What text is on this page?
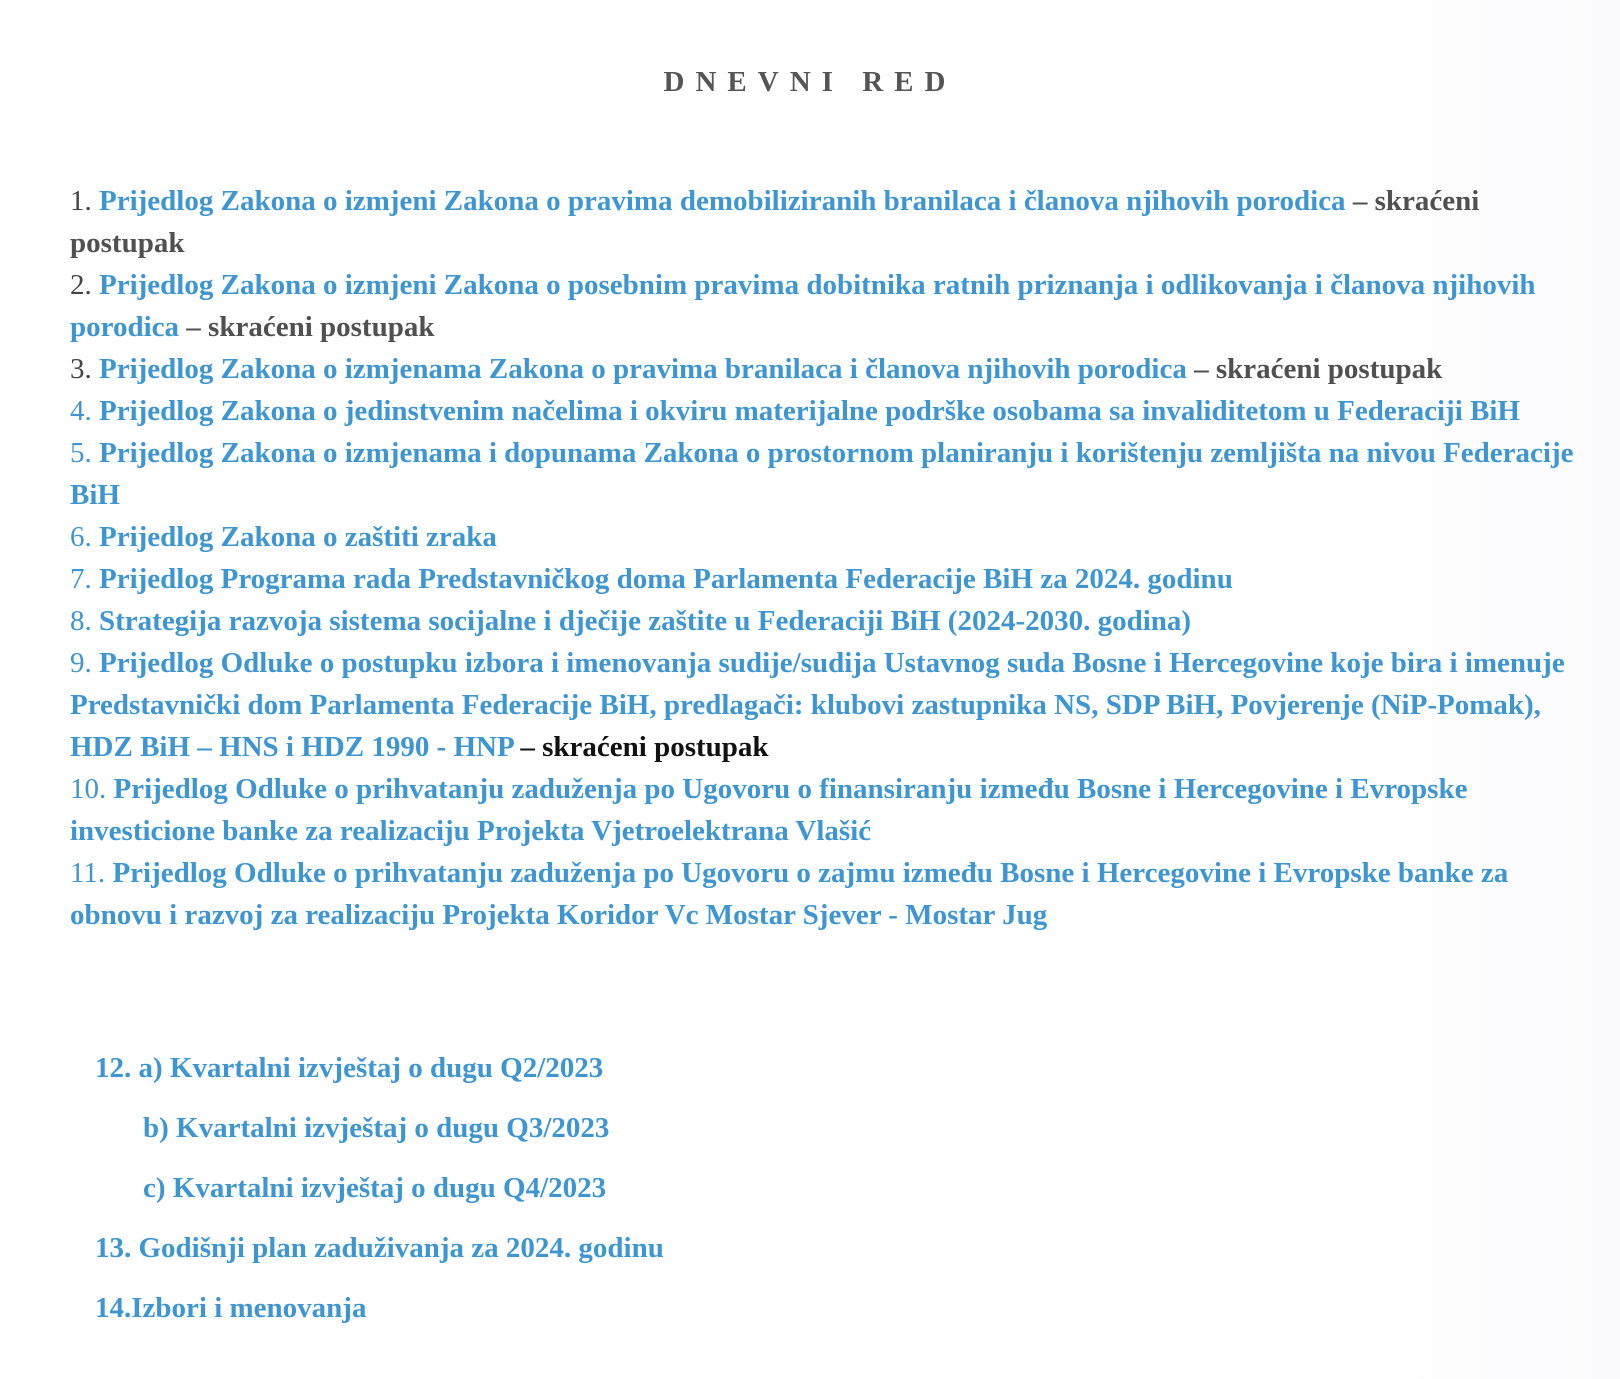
DNEVNI RED
1. Prijedlog Zakona o izmjeni Zakona o pravima demobiliziranih branilaca i članova njihovih porodica – skraćeni postupak
2. Prijedlog Zakona o izmjeni Zakona o posebnim pravima dobitnika ratnih priznanja i odlikovanja i članova njihovih porodica – skraćeni postupak
3. Prijedlog Zakona o izmjenama Zakona o pravima branilaca i članova njihovih porodica – skraćeni postupak
4. Prijedlog Zakona o jedinstvenim načelima i okviru materijalne podrške osobama sa invaliditetom u Federaciji BiH
5. Prijedlog Zakona o izmjenama i dopunama Zakona o prostornom planiranju i korištenju zemljišta na nivou Federacije BiH
6. Prijedlog Zakona o zaštiti zraka
7. Prijedlog Programa rada Predstavničkog doma Parlamenta Federacije BiH za 2024. godinu
8. Strategija razvoja sistema socijalne i dječije zaštite u Federaciji BiH (2024-2030. godina)
9. Prijedlog Odluke o postupku izbora i imenovanja sudije/sudija Ustavnog suda Bosne i Hercegovine koje bira i imenuje Predstavnički dom Parlamenta Federacije BiH, predlagači: klubovi zastupnika NS, SDP BiH, Povjerenje (NiP-Pomak), HDZ BiH – HNS i HDZ 1990 - HNP – skraćeni postupak
10. Prijedlog Odluke o prihvatanju zaduženja po Ugovoru o finansiranju između Bosne i Hercegovine i Evropske investicione banke za realizaciju Projekta Vjetroelektrana Vlašić
11. Prijedlog Odluke o prihvatanju zaduženja po Ugovoru o zajmu između Bosne i Hercegovine i Evropske banke za obnovu i razvoj za realizaciju Projekta Koridor Vc Mostar Sjever - Mostar Jug

12. a) Kvartalni izvještaj o dugu Q2/2023

b) Kvartalni izvještaj o dugu Q3/2023

c) Kvartalni izvještaj o dugu Q4/2023

13. Godišnji plan zaduživanja za 2024. godinu

14.Izbori i menovanja
